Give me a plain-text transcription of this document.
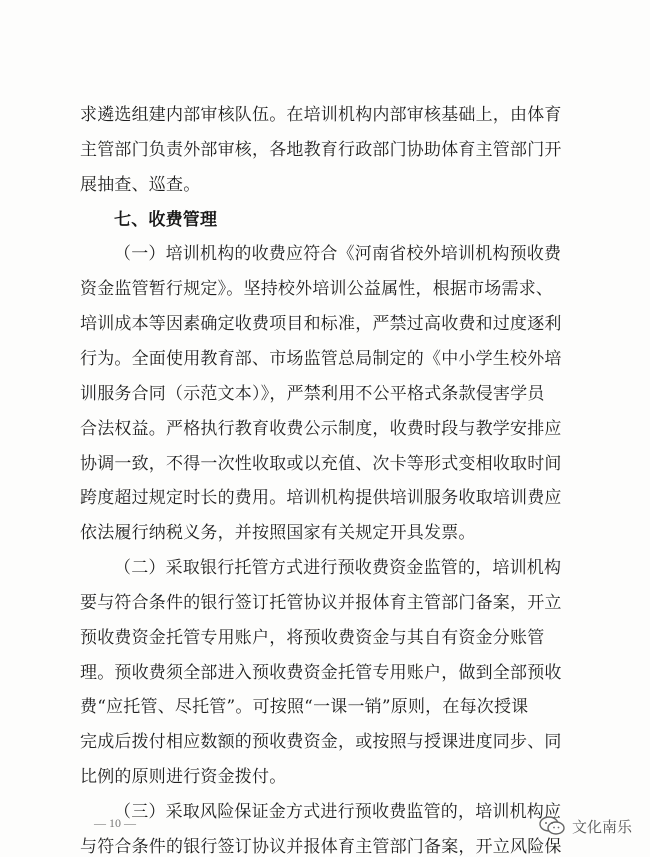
求遴选组建内部审核队伍。在培训机构内部审核基础上，由体育
主管部门负责外部审核，各地教育行政部门协助体育主管部门开
展抽查、巡查。
七、收费管理
（一）培训机构的收费应符合《河南省校外培训机构预收费
资金监管暂行规定》。坚持校外培训公益属性，根据市场需求、
培训成本等因素确定收费项目和标准，严禁过高收费和过度逐利
行为。全面使用教育部、市场监管总局制定的《中小学生校外培
训服务合同（示范文本）》，严禁利用不公平格式条款侵害学员
合法权益。严格执行教育收费公示制度，收费时段与教学安排应
协调一致，不得一次性收取或以充值、次卡等形式变相收取时间
跨度超过规定时长的费用。培训机构提供培训服务收取培训费应
依法履行纳税义务，并按照国家有关规定开具发票。
（二）采取银行托管方式进行预收费资金监管的，培训机构
要与符合条件的银行签订托管协议并报体育主管部门备案，开立
预收费资金托管专用账户，将预收费资金与其自有资金分账管
理。预收费须全部进入预收费资金托管专用账户，做到全部预收
费“应托管、尽托管”。可按照“一课一销”原则，在每次授课
完成后拨付相应数额的预收费资金，或按照与授课进度同步、同
比例的原则进行资金拨付。
（三）采取风险保证金方式进行预收费监管的，培训机构应
与符合条件的银行签订协议并报体育主管部门备案，开立风险保
— 10 —	文化南乐
